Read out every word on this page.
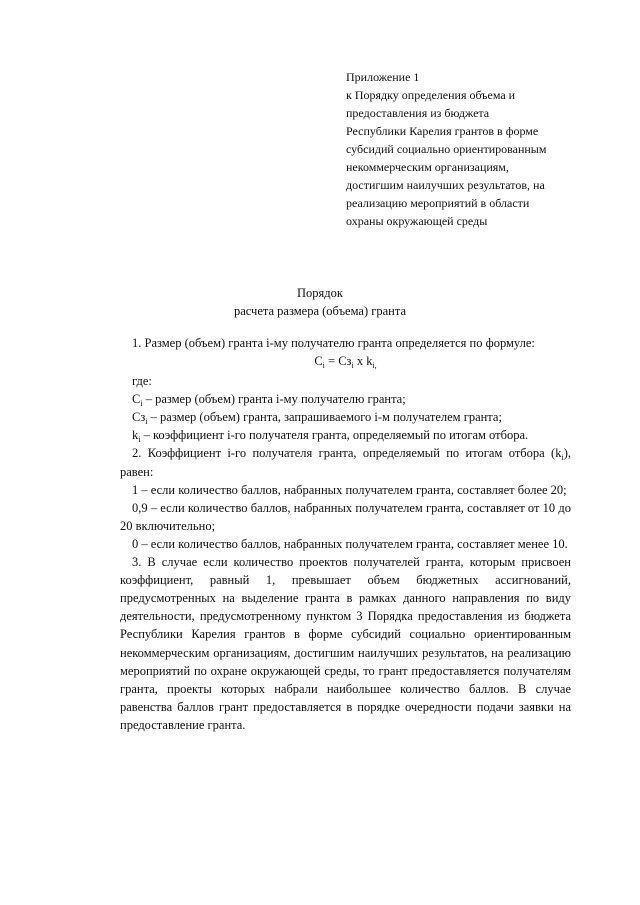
Приложение 1
к Порядку определения объема и
предоставления из бюджета
Республики Карелия грантов в форме
субсидий социально ориентированным
некоммерческим организациям,
достигшим наилучших результатов, на
реализацию мероприятий в области
охраны окружающей среды
Порядок
расчета размера (объема) гранта

1. Размер (объем) гранта i-му получателю гранта определяется по формуле:

$С_i = Сз_i$ х $k_{i,}$

где:

$С_i$ – размер (объем) гранта i-му получателю гранта;

$Сз_i$ – размер (объем) гранта, запрашиваемого i-м получателем гранта;

$k_i$ – коэффициент i-го получателя гранта, определяемый по итогам отбора.

2. Коэффициент i-го получателя гранта, определяемый по итогам отбора $(k_i)$, равен:

1 – если количество баллов, набранных получателем гранта, составляет более 20;

0,9 – если количество баллов, набранных получателем гранта, составляет от 10 до 20 включительно;

0 – если количество баллов, набранных получателем гранта, составляет менее 10.

3. В случае если количество проектов получателей гранта, которым присвоен коэффициент, равный 1, превышает объем бюджетных ассигнований, предусмотренных на выделение гранта в рамках данного направления по виду деятельности, предусмотренному пунктом 3 Порядка предоставления из бюджета Республики Карелия грантов в форме субсидий социально ориентированным некоммерческим организациям, достигшим наилучших результатов, на реализацию мероприятий по охране окружающей среды, то грант предоставляется получателям гранта, проекты которых набрали наибольшее количество баллов. В случае равенства баллов грант предоставляется в порядке очередности подачи заявки на предоставление гранта.
